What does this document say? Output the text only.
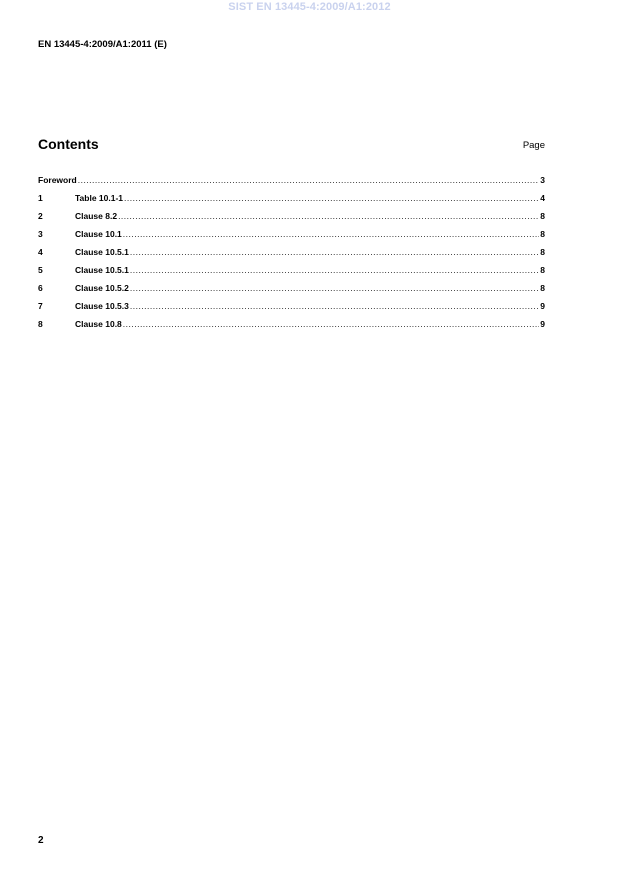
SIST EN 13445-4:2009/A1:2012
EN 13445-4:2009/A1:2011 (E)
Contents	Page
Foreword .....	3
1	Table 10.1-1 .....	4
2	Clause 8.2 .....	8
3	Clause 10.1 .....	8
4	Clause 10.5.1 .....	8
5	Clause 10.5.1 .....	8
6	Clause 10.5.2 .....	8
7	Clause 10.5.3 .....	9
8	Clause 10.8 .....	9
2
